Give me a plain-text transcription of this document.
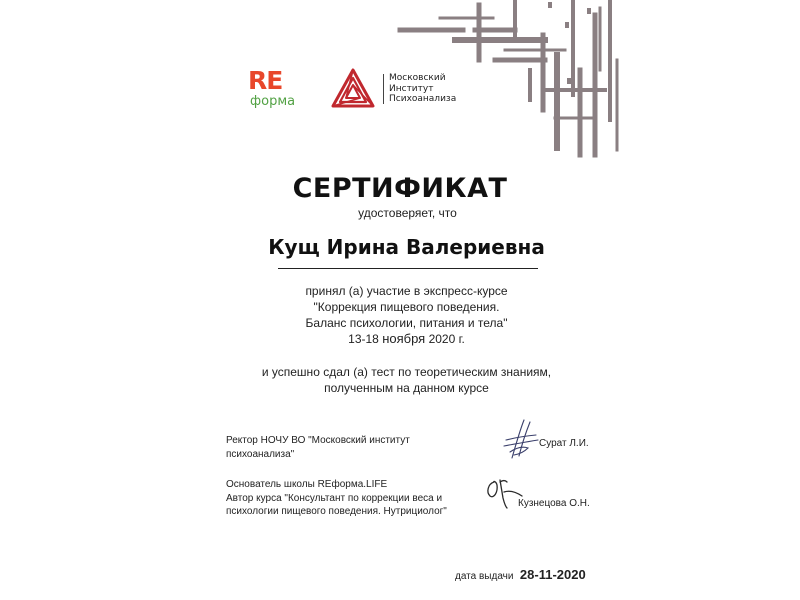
RE
форма
Московский
Институт
Психоанализа
СЕРТИФИКАТ
удостоверяет, что
Кущ Ирина Валериевна
принял (а) участие в экспресс-курсе
"Коррекция пищевого поведения.
Баланс психологии, питания и тела"
13-18 ноября 2020 г.
и успешно сдал (а) тест по теоретическим знаниям,
полученным на данном курсе
Ректор НОЧУ ВО "Московский институт
психоанализа"
Сурат Л.И.
Основатель школы REформа.LIFE
Автор курса "Консультант по коррекции веса и
психологии пищевого поведения. Нутрициолог"
Кузнецова О.Н.
дата выдачи 28-11-2020
